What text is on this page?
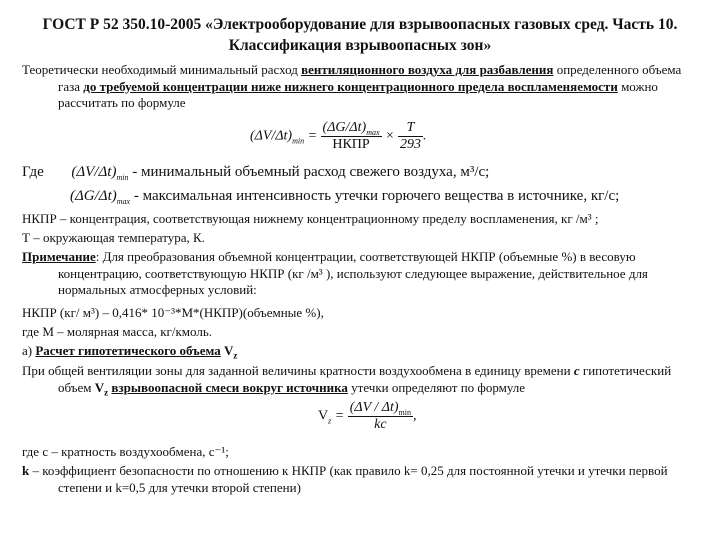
ГОСТ Р 52 350.10-2005 «Электрооборудование для взрывоопасных газовых сред. Часть 10.
Классификация взрывоопасных зон»
Теоретически необходимый минимальный расход вентиляционного воздуха для разбавления определенного объема газа до требуемой концентрации ниже нижнего концентрационного предела воспламеняемости можно рассчитать по формуле
$(\Delta V/\Delta t)_{min} = \frac{(\Delta G/\Delta t)_{max}}{\text{НКПР}} \times \frac{T}{293}$ .
Где $(\Delta V/\Delta t)_{min}$ - минимальный объемный расход свежего воздуха, м³/с;
$(\Delta G/\Delta t)_{max}$ - максимальная интенсивность утечки горючего вещества в источнике, кг/с;
НКПР – концентрация, соответствующая нижнему концентрационному пределу воспламенения, кг /м³ ;
Т – окружающая температура, К.
Примечание: Для преобразования объемной концентрации, соответствующей НКПР (объемные %) в весовую концентрацию, соответствующую НКПР (кг /м³ ), используют следующее выражение, действительное для нормальных атмосферных условий:
НКПР (кг/ м³) – 0,416* 10⁻³*М*(НКПР)(объемные %),
где М – молярная масса, кг/кмоль.
а) Расчет гипотетического объема $V_z$
При общей вентиляции зоны для заданной величины кратности воздухообмена в единицу времени с гипотетический объем $V_z$ взрывоопасной смеси вокруг источника утечки определяют по формуле
$V_z = \frac{(\Delta V / \Delta t)_{min}}{kc}$ ,
где с – кратность воздухообмена, с⁻¹;
k – коэффициент безопасности по отношению к НКПР (как правило k= 0,25 для постоянной утечки и утечки первой степени и k=0,5 для утечки второй степени)
